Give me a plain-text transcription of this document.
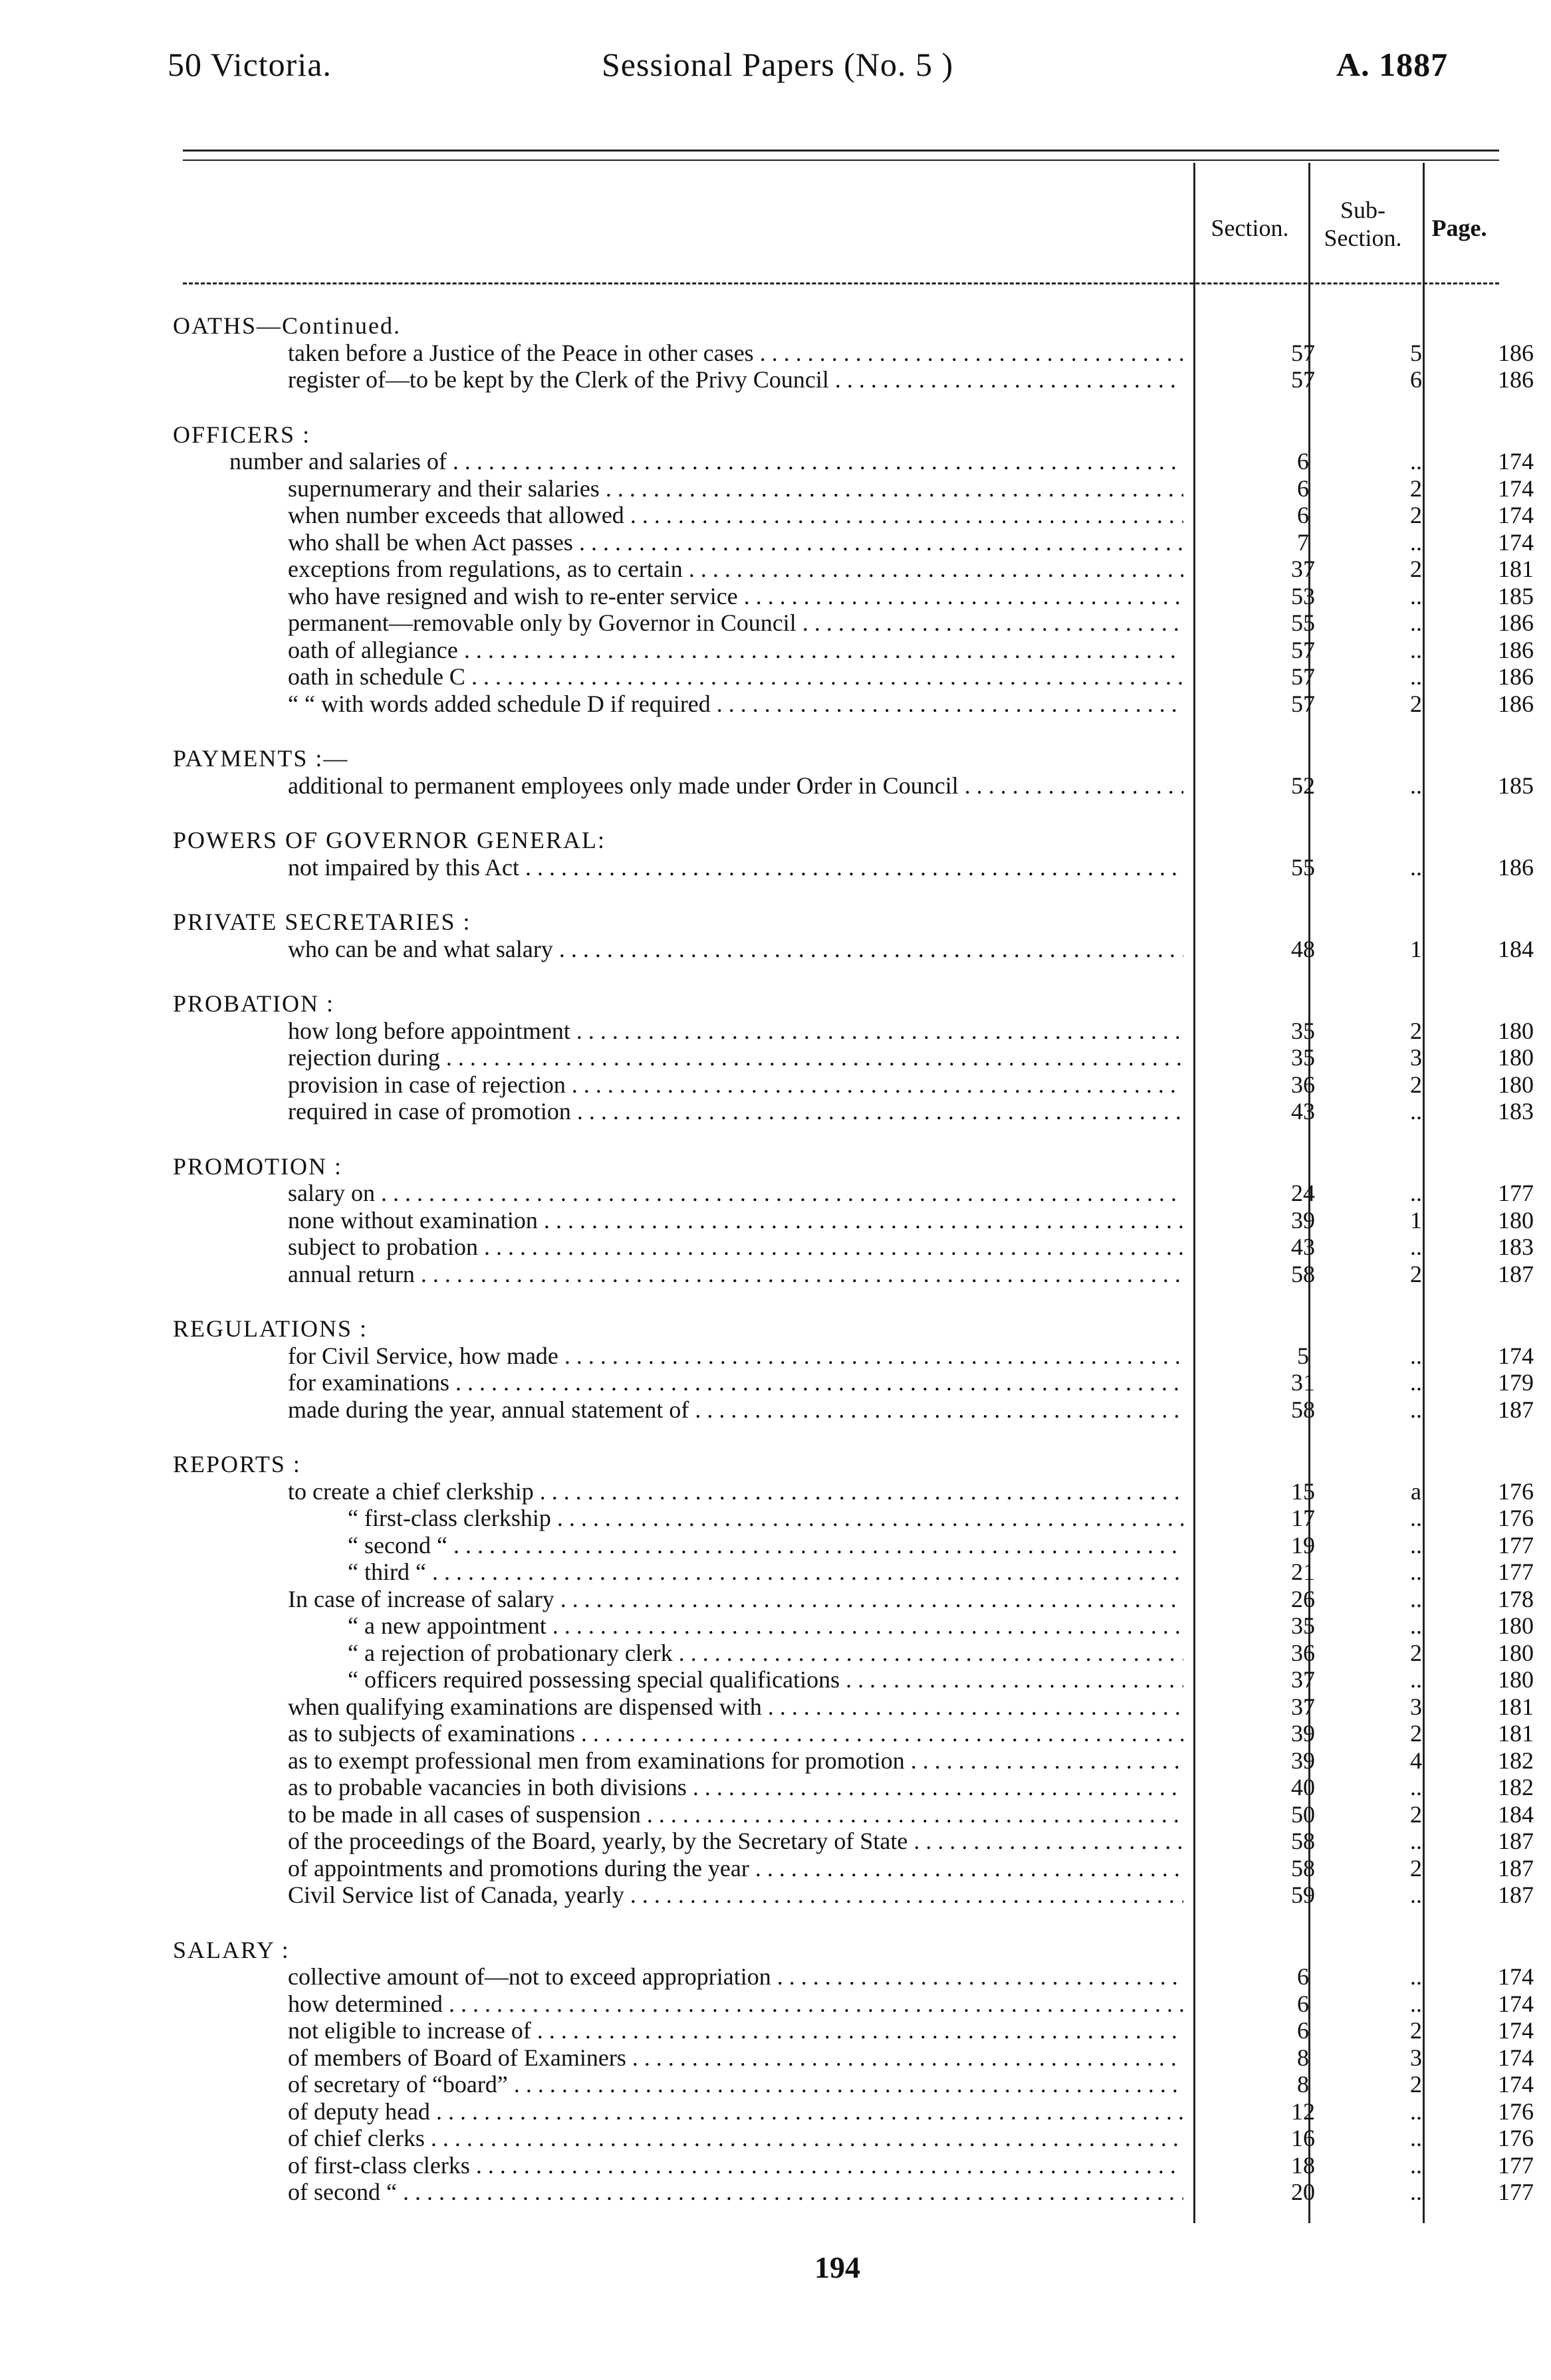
50 Victoria.	Sessional Papers (No. 5 )	A. 1887
Section.
Sub-
Section.	Page.
OATHS—Continued.
taken before a Justice of the Peace in other cases . . .	57	5	186
register of—to be kept by the Clerk of the Privy Council . . .	57	6	186
OFFICERS :
number and salaries of . . .	6	..	174
supernumerary and their salaries . . .	6	2	174
when number exceeds that allowed . . .	6	2	174
who shall be when Act passes . . .	7	..	174
exceptions from regulations, as to certain . . .	37	2	181
who have resigned and wish to re-enter service . . .	53	..	185
permanent—removable only by Governor in Council . . .	55	..	186
oath of allegiance . . .	57	..	186
oath in schedule C . . .	57	..	186
“ “ with words added schedule D if required . . .	57	2	186
PAYMENTS :—
additional to permanent employees only made under Order in Council . . .	52	..	185
POWERS OF GOVERNOR GENERAL:
not impaired by this Act . . .	55	..	186
PRIVATE SECRETARIES :
who can be and what salary . . .	48	1	184
PROBATION :
how long before appointment . . .	35	2	180
rejection during . . .	35	3	180
provision in case of rejection . . .	36	2	180
required in case of promotion . . .	43	..	183
PROMOTION :
salary on . . .	24	..	177
none without examination . . .	39	1	180
subject to probation . . .	43	..	183
annual return . . .	58	2	187
REGULATIONS :
for Civil Service, how made . . .	5	..	174
for examinations . . .	31	..	179
made during the year, annual statement of . . .	58	..	187
REPORTS :
to create a chief clerkship . . .	15	a	176
“ first-class clerkship . . .	17	..	176
“ second “ . . .	19	..	177
“ third “ . . .	21	..	177
In case of increase of salary . . .	26	..	178
“ a new appointment . . .	35	..	180
“ a rejection of probationary clerk . . .	36	2	180
“ officers required possessing special qualifications . . .	37	..	180
when qualifying examinations are dispensed with . . .	37	3	181
as to subjects of examinations . . .	39	2	181
as to exempt professional men from examinations for promotion . . .	39	4	182
as to probable vacancies in both divisions . . .	40	..	182
to be made in all cases of suspension . . .	50	2	184
of the proceedings of the Board, yearly, by the Secretary of State . . .	58	..	187
of appointments and promotions during the year . . .	58	2	187
Civil Service list of Canada, yearly . . .	59	..	187
SALARY :
collective amount of—not to exceed appropriation . . .	6	..	174
how determined . . .	6	..	174
not eligible to increase of . . .	6	2	174
of members of Board of Examiners . . .	8	3	174
of secretary of “board” . . .	8	2	174
of deputy head . . .	12	..	176
of chief clerks . . .	16	..	176
of first-class clerks . . .	18	..	177
of second “ . . .	20	..	177
194
